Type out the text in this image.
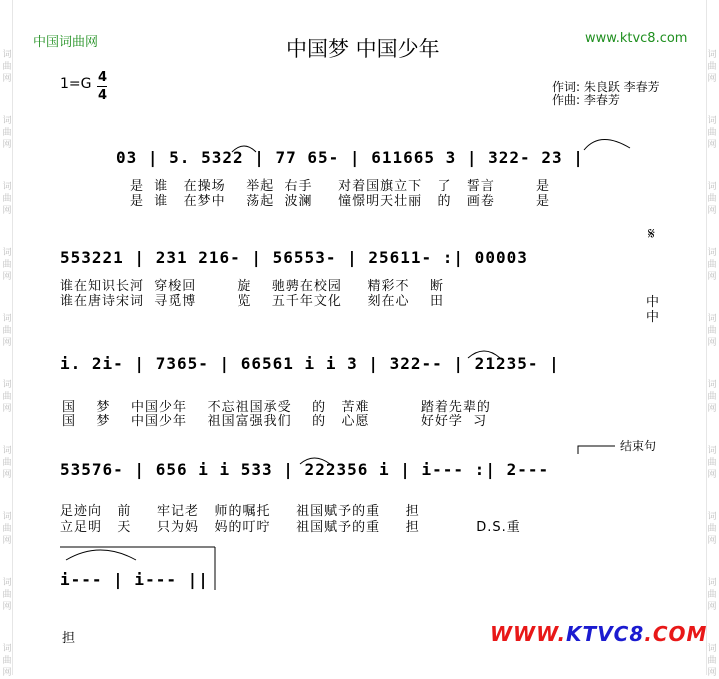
词
曲
网
词
曲
网
词
曲
网
词
曲
网
词
曲
网
词
曲
网
词
曲
网
词
曲
网
词
曲
网
词
曲
网
词
曲
网
词
曲
网
词
曲
网
词
曲
网
词
曲
网
词
曲
网
词
曲
网
词
曲
网
词
曲
网
词
曲
网
中国词曲网	www.ktvc8.com
中国梦 中国少年
1=G 4
4
作词: 朱良跃 李春芳
作曲: 李春芳
03 | 5. 5322 | 77 65- | 611665 3 | 322- 23 |
是  谁   在操场    举起  右手     对着国旗立下   了   誓言        是
是  谁   在梦中    荡起  波澜     憧憬明天壮丽   的   画卷        是
553221 | 231 216- | 56553- | 25611- :| 00003
𝄋
谁在知识长河  穿梭回        旋    驰骋在校园     精彩不    断
谁在唐诗宋词  寻觅博        览    五千年文化     刻在心    田	中
中
i. 2i- | 7365- | 66561 i i 3 | 322-- | 21235- |
国    梦    中国少年    不忘祖国承受    的   苦难          踏着先辈的
国    梦    中国少年    祖国富强我们    的   心愿          好好学  习
结束句
53576- | 656 i i 533 | 222356 i | i--- :| 2---
足迹向   前     牢记老   师的嘱托     祖国赋予的重     担
立足明   天     只为妈   妈的叮咛     祖国赋予的重     担           D.S.重
i--- | i--- ||
担	WWW.KTVC8.COM
